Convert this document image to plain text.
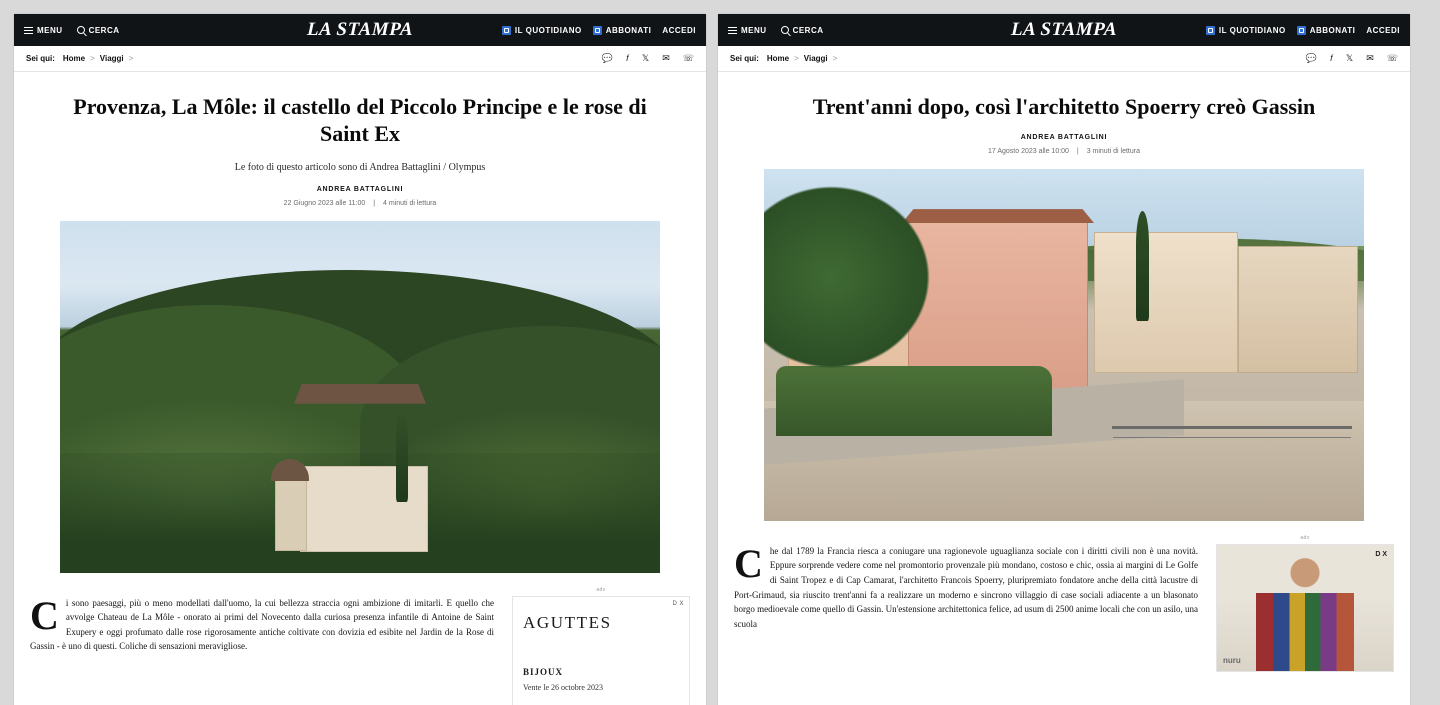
MENU	CERCA	LA STAMPA	IL QUOTIDIANO	ABBONATI ACCEDI
Sei qui: Home > Viaggi >	💬 𝑓 𝕏 ✉ ☏
Provenza, La Môle: il castello del Piccolo Principe e le rose di Saint Ex
Le foto di questo articolo sono di Andrea Battaglini / Olympus
ANDREA BATTAGLINI
22 Giugno 2023 alle 11:00 | 4 minuti di lettura

C i sono paesaggi, più o meno modellati dall'uomo, la cui bellezza straccia ogni ambizione di imitarli. E quello che avvolge Chateau de La Môle - onorato ai primi del Novecento dalla curiosa presenza infantile di Antoine de Saint Exupery e oggi profumato dalle rose rigorosamente antiche coltivate con dovizia ed esibite nel Jardin de la Rose di Gassin - è uno di questi. Coliche di sensazioni meravigliose.

adv
D X
AGUTTES
BIJOUX
Vente le 26 octobre 2023
MENU	CERCA	LA STAMPA	IL QUOTIDIANO	ABBONATI ACCEDI
Sei qui: Home > Viaggi >	💬 𝑓 𝕏 ✉ ☏
Trent'anni dopo, così l'architetto Spoerry creò Gassin
ANDREA BATTAGLINI
17 Agosto 2023 alle 10:00 | 3 minuti di lettura

C he dal 1789 la Francia riesca a coniugare una ragionevole uguaglianza sociale con i diritti civili non è una novità. Eppure sorprende vedere come nel promontorio provenzale più mondano, costoso e chic, ossia ai margini di Le Golfe di Saint Tropez e di Cap Camarat, l'architetto Francois Spoerry, pluripremiato fondatore anche della città lacustre di Port-Grimaud, sia riuscito trent'anni fa a realizzare un moderno e sincrono villaggio di case sociali adiacente a un blasonato borgo medioevale come quello di Gassin. Un'estensione architettonica felice, ad usum di 2500 anime locali che con un asilo, una scuola

adv
D X
nuru
